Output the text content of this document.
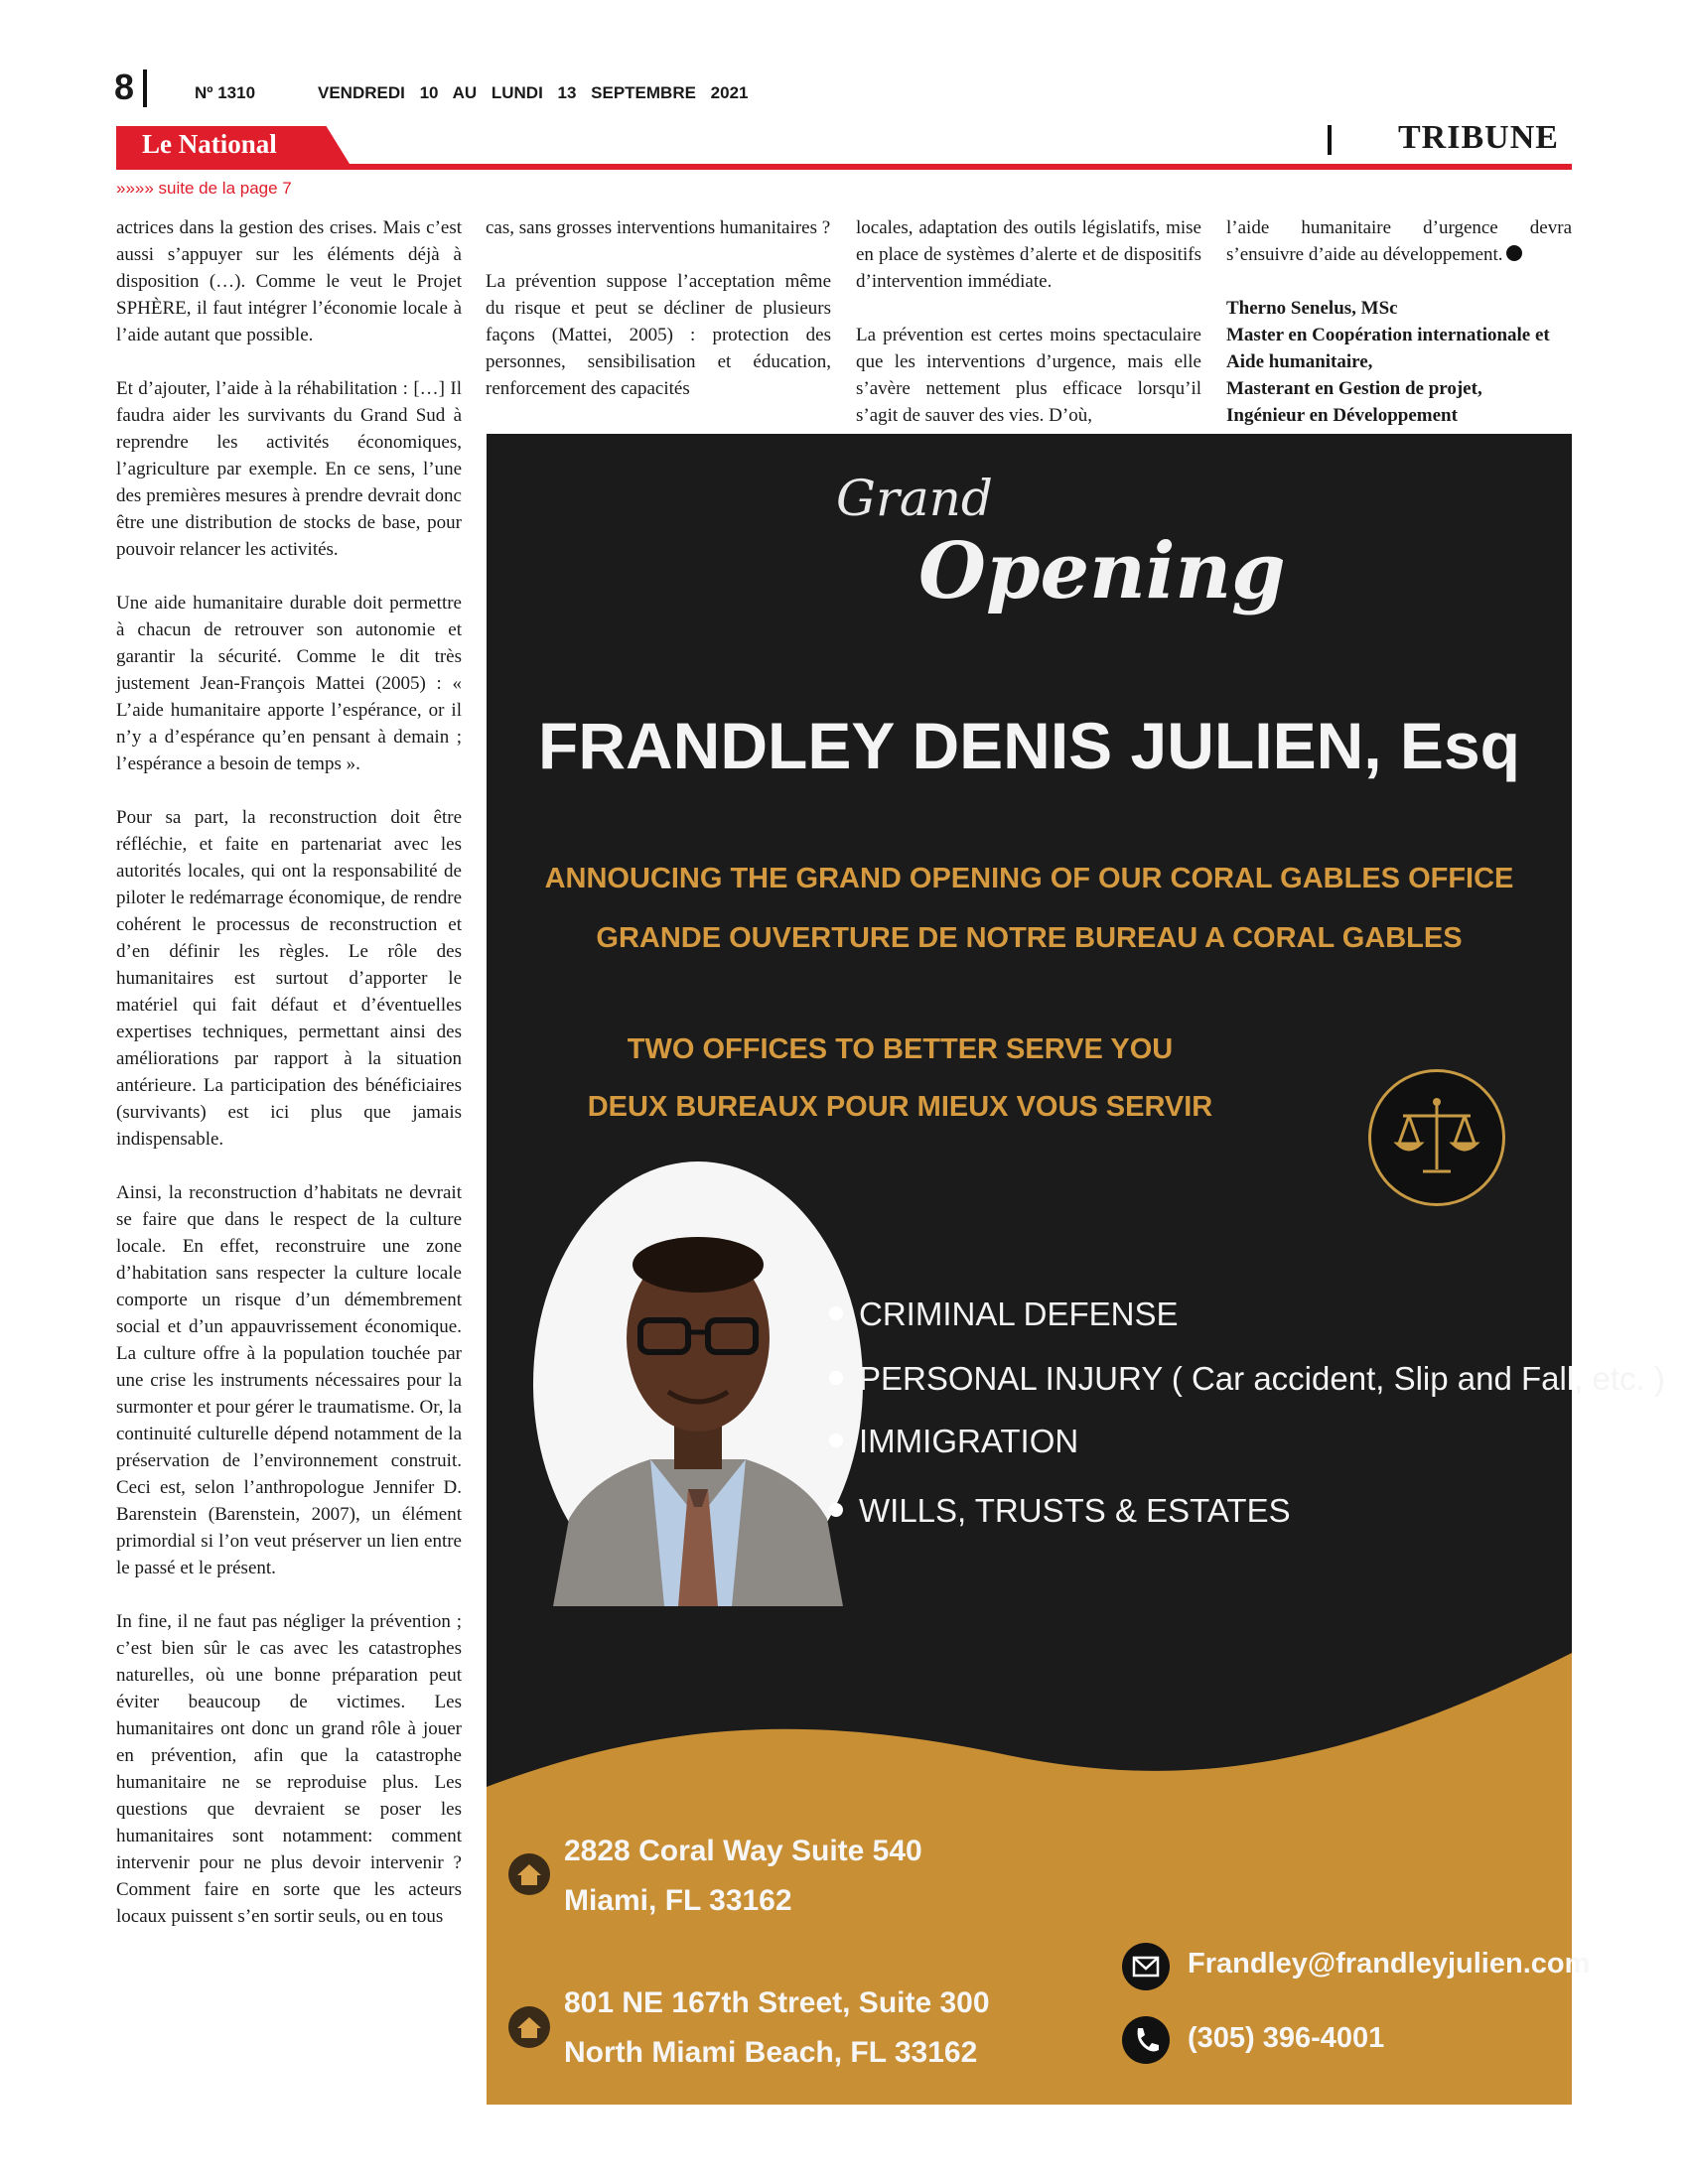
8	Nº 1310	VENDREDI 10 AU LUNDI 13 SEPTEMBRE 2021
Le National	TRIBUNE
»»»» suite de la page 7

actrices dans la gestion des crises. Mais c’est aussi s’appuyer sur les éléments déjà à disposition (…). Comme le veut le Projet SPHÈRE, il faut intégrer l’économie locale à l’aide autant que possible.

Et d’ajouter, l’aide à la réhabilitation : […] Il faudra aider les survivants du Grand Sud à reprendre les activités économiques, l’agriculture par exemple. En ce sens, l’une des premières mesures à prendre devrait donc être une distribution de stocks de base, pour pouvoir relancer les activités.

Une aide humanitaire durable doit permettre à chacun de retrouver son autonomie et garantir la sécurité. Comme le dit très justement Jean-François Mattei (2005) : « L’aide humanitaire apporte l’espérance, or il n’y a d’espérance qu’en pensant à demain ; l’espérance a besoin de temps ».

Pour sa part, la reconstruction doit être réfléchie, et faite en partenariat avec les autorités locales, qui ont la responsabilité de piloter le redémarrage économique, de rendre cohérent le processus de reconstruction et d’en définir les règles. Le rôle des humanitaires est surtout d’apporter le matériel qui fait défaut et d’éventuelles expertises techniques, permettant ainsi des améliorations par rapport à la situation antérieure. La participation des bénéficiaires (survivants) est ici plus que jamais indispensable.

Ainsi, la reconstruction d’habitats ne devrait se faire que dans le respect de la culture locale. En effet, reconstruire une zone d’habitation sans respecter la culture locale comporte un risque d’un démembrement social et d’un appauvrissement économique. La culture offre à la population touchée par une crise les instruments nécessaires pour la surmonter et pour gérer le traumatisme. Or, la continuité culturelle dépend notamment de la préservation de l’environnement construit. Ceci est, selon l’anthropologue Jennifer D. Barenstein (Barenstein, 2007), un élément primordial si l’on veut préserver un lien entre le passé et le présent.

In fine, il ne faut pas négliger la prévention ; c’est bien sûr le cas avec les catastrophes naturelles, où une bonne préparation peut éviter beaucoup de victimes. Les humanitaires ont donc un grand rôle à jouer en prévention, afin que la catastrophe humanitaire ne se reproduise plus. Les questions que devraient se poser les humanitaires sont notamment: comment intervenir pour ne plus devoir intervenir ? Comment faire en sorte que les acteurs locaux puissent s’en sortir seuls, ou en tous

cas, sans grosses interventions humanitaires ?

La prévention suppose l’acceptation même du risque et peut se décliner de plusieurs façons (Mattei, 2005) : protection des personnes, sensibilisation et éducation, renforcement des capacités

locales, adaptation des outils législatifs, mise en place de systèmes d’alerte et de dispositifs d’intervention immédiate.

La prévention est certes moins spectaculaire que les interventions d’urgence, mais elle s’avère nettement plus efficace lorsqu’il s’agit de sauver des vies. D’où,

l’aide humanitaire d’urgence devra s’ensuivre d’aide au développement.

Therno Senelus, MSc
Master en Coopération internationale et Aide humanitaire,
Masterant en Gestion de projet,
Ingénieur en Développement
Grand
Opening
FRANDLEY DENIS JULIEN, Esq
ANNOUCING THE GRAND OPENING OF OUR CORAL GABLES OFFICE
GRANDE OUVERTURE DE NOTRE BUREAU A CORAL GABLES
TWO OFFICES TO BETTER SERVE YOU
DEUX BUREAUX POUR MIEUX VOUS SERVIR
CRIMINAL DEFENSE
PERSONAL INJURY ( Car accident, Slip and Fall, etc. )
IMMIGRATION
WILLS, TRUSTS & ESTATES
2828 Coral Way Suite 540
Miami, FL 33162
801 NE 167th Street, Suite 300
North Miami Beach, FL 33162
Frandley@frandleyjulien.com
(305) 396-4001
